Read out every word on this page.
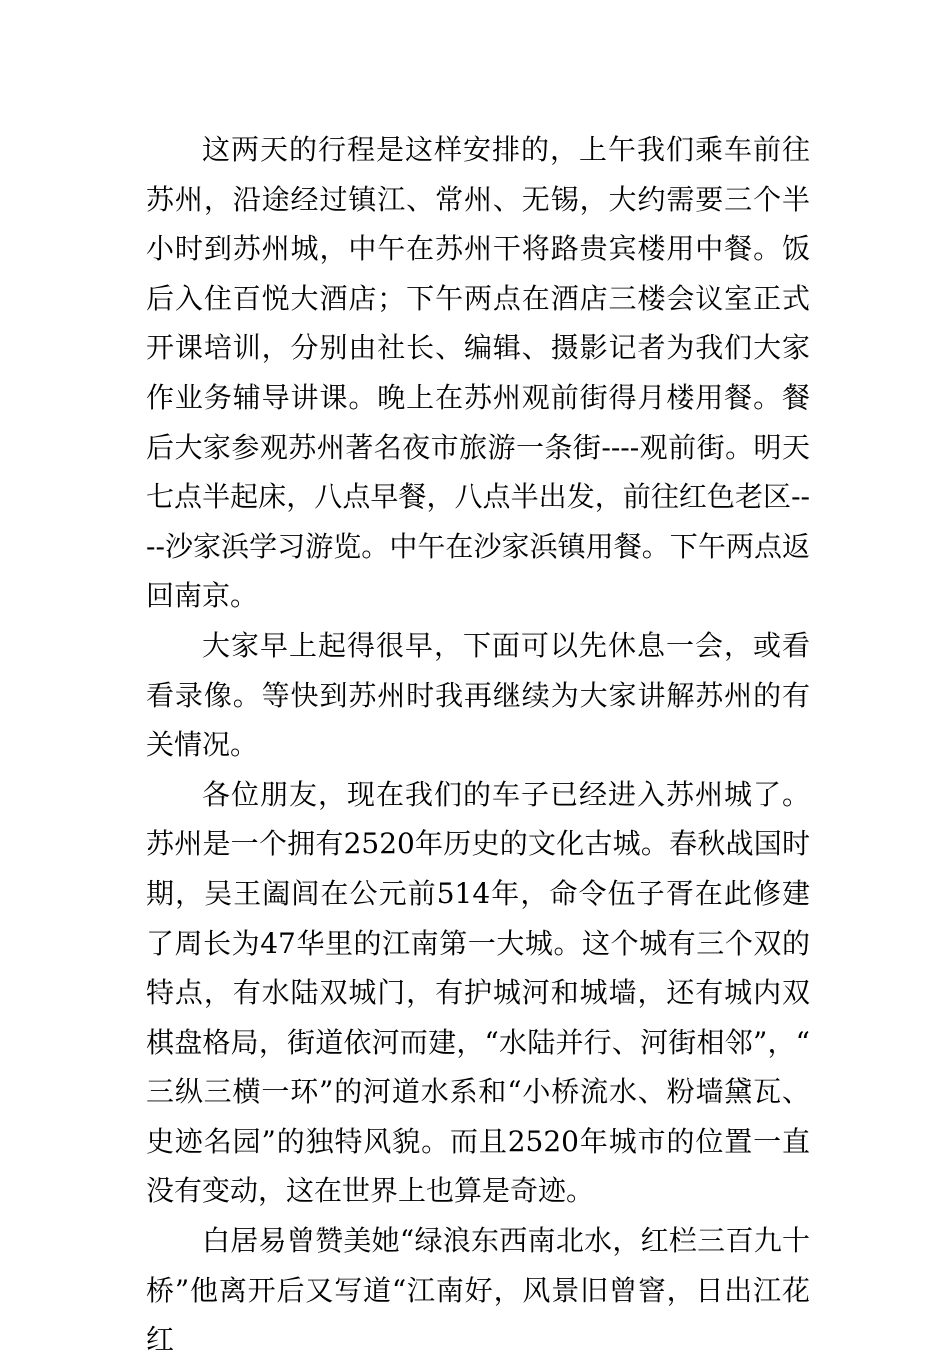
这两天的行程是这样安排的，上午我们乘车前往苏州，沿途经过镇江、常州、无锡，大约需要三个半小时到苏州城，中午在苏州干将路贵宾楼用中餐。饭后入住百悦大酒店；下午两点在酒店三楼会议室正式开课培训，分别由社长、编辑、摄影记者为我们大家作业务辅导讲课。晚上在苏州观前街得月楼用餐。餐后大家参观苏州著名夜市旅游一条街----观前街。明天七点半起床，八点早餐，八点半出发，前往红色老区----沙家浜学习游览。中午在沙家浜镇用餐。下午两点返回南京。

大家早上起得很早，下面可以先休息一会，或看看录像。等快到苏州时我再继续为大家讲解苏州的有关情况。

各位朋友，现在我们的车子已经进入苏州城了。苏州是一个拥有2520年历史的文化古城。春秋战国时期，吴王阖闾在公元前514年，命令伍子胥在此修建了周长为47华里的江南第一大城。这个城有三个双的特点，有水陆双城门，有护城河和城墙，还有城内双棋盘格局，街道依河而建，“水陆并行、河街相邻”，“三纵三横一环”的河道水系和“小桥流水、粉墙黛瓦、史迹名园”的独特风貌。而且2520年城市的位置一直没有变动，这在世界上也算是奇迹。

白居易曾赞美她“绿浪东西南北水，红栏三百九十桥”他离开后又写道“江南好，风景旧曾窨，日出江花红
